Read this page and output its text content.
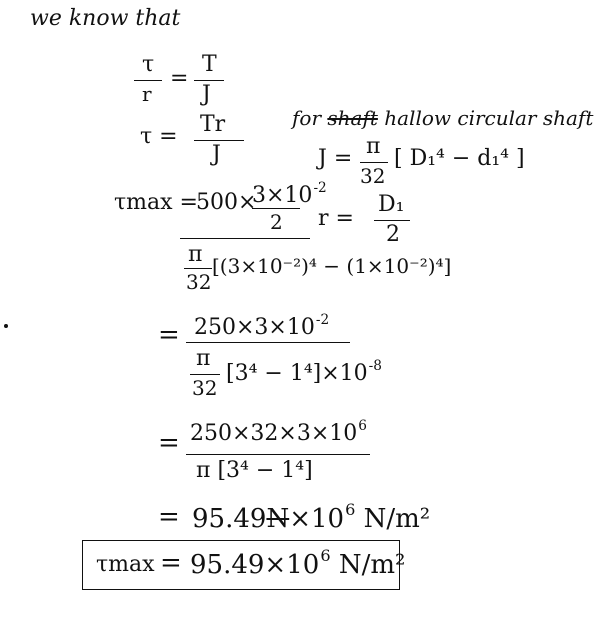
we know that
τ
r
=
T
J
τ = Tr
J
for shaft hallow circular shaft
J = π
32
[ D₁⁴ − d₁⁴ ]
τmax =
500×
$3\times 10^{-2}$
2
π
32
[(3×10⁻²)⁴ − (1×10⁻²)⁴]
r =
D₁
2
= $250\times 3\times 10^{-2}$
π
32
$[3^4 - 1^4]\times 10^{-8}$
= $250\times 32\times 3\times 10^6$
π [3⁴ − 1⁴]
= $95.49N\times 10^6$ N/m²
$\tau\max = 95.49\times 10^6$ N/m²
